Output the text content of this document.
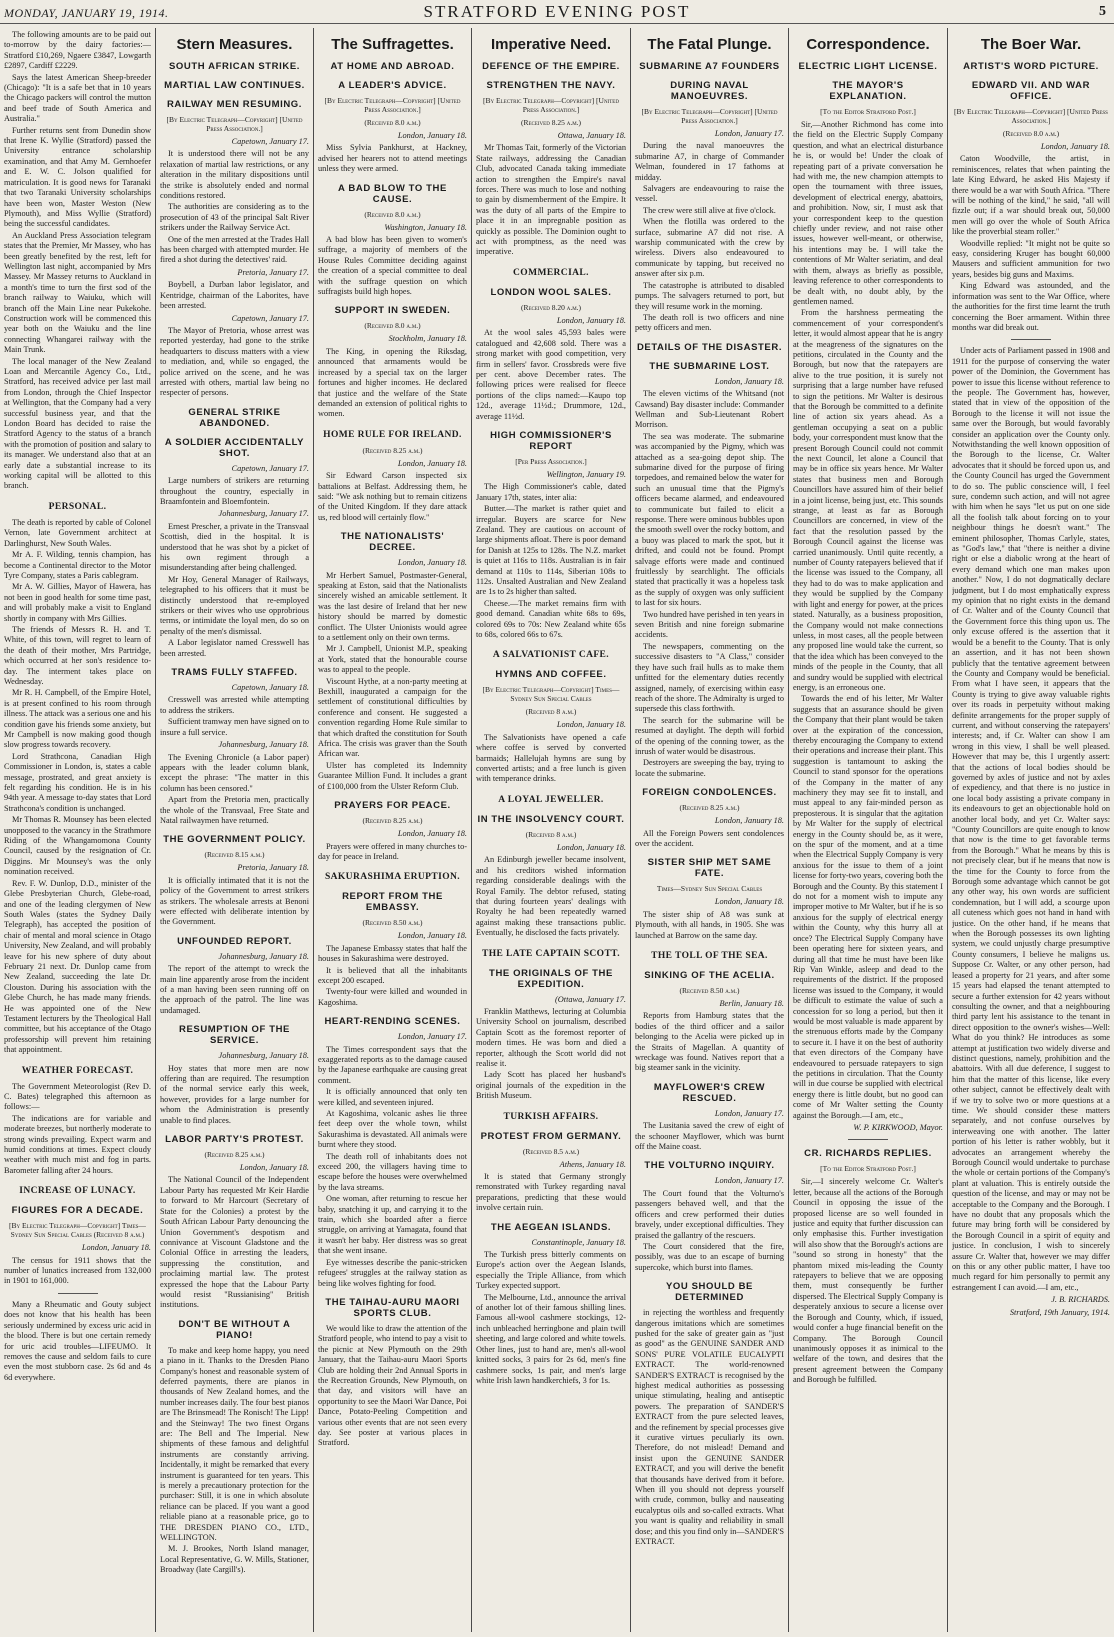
MONDAY, JANUARY 19, 1914.	STRATFORD EVENING POST	5

The following amounts are to be paid out to-morrow by the dairy factories:—Stratford £10,269, Ngaere £3847, Lowgarth £2897, Cardiff £2229.

Says the latest American Sheep-breeder (Chicago): "It is a safe bet that in 10 years the Chicago packers will control the mutton and beef trade of South America and Australia."

Further returns sent from Dunedin show that Irene K. Wyllie (Stratford) passed the University entrance scholarship examination, and that Amy M. Gernhoefer and E. W. C. Jolson qualified for matriculation. It is good news for Taranaki that two Taranaki University scholarships have been won, Master Weston (New Plymouth), and Miss Wyllie (Stratford) being the successful candidates.

An Auckland Press Association telegram states that the Premier, Mr Massey, who has been greatly benefited by the rest, left for Wellington last night, accompanied by Mrs Massey. Mr Massey returns to Auckland in a month's time to turn the first sod of the branch railway to Waiuku, which will branch off the Main Line near Pukekohe. Construction work will be commenced this year both on the Waiuku and the line connecting Whangarei railway with the Main Trunk.

The local manager of the New Zealand Loan and Mercantile Agency Co., Ltd., Stratford, has received advice per last mail from London, through the Chief Inspector at Wellington, that the Company had a very successful business year, and that the London Board has decided to raise the Stratford Agency to the status of a branch with the promotion of position and salary to its manager. We understand also that at an early date a substantial increase to its working capital will be allotted to this branch.

PERSONAL.

The death is reported by cable of Colonel Vernon, late Government architect at Darlinghurst, New South Wales.

Mr A. F. Wilding, tennis champion, has become a Continental director to the Motor Tyre Company, states a Paris cablegram.

Mr A. W. Gillies, Mayor of Hawera, has not been in good health for some time past, and will probably make a visit to England shortly in company with Mrs Gillies.

The friends of Messrs R. H. and T. White, of this town, will regret to learn of the death of their mother, Mrs Partridge, which occurred at her son's residence to-day. The interment takes place on Wednesday.

Mr R. H. Campbell, of the Empire Hotel, is at present confined to his room through illness. The attack was a serious one and his condition gave his friends some anxiety, but Mr Campbell is now making good though slow progress towards recovery.

Lord Strathcona, Canadian High Commissioner in London, is, states a cable message, prostrated, and great anxiety is felt regarding his condition. He is in his 94th year. A message to-day states that Lord Strathcona's condition is unchanged.

Mr Thomas R. Mounsey has been elected unopposed to the vacancy in the Strathmore Riding of the Whangamomona County Council, caused by the resignation of Cr. Diggins. Mr Mounsey's was the only nomination received.

Rev. F. W. Dunlop, D.D., minister of the Glebe Presbyterian Church, Glebe-road, and one of the leading clergymen of New South Wales (states the Sydney Daily Telegraph), has accepted the position of chair of mental and moral science in Otago University, New Zealand, and will probably leave for his new sphere of duty about February 21 next. Dr. Dunlop came from New Zealand, succeeding the late Dr. Clouston. During his association with the Glebe Church, he has made many friends. He was appointed one of the New Testament lecturers by the Theological Hall committee, but his acceptance of the Otago professorship will prevent him retaining that appointment.

WEATHER FORECAST.

The Government Meteorologist (Rev D. C. Bates) telegraphed this afternoon as follows:—

The indications are for variable and moderate breezes, but northerly moderate to strong winds prevailing. Expect warm and humid conditions at times. Expect cloudy weather with much mist and fog in parts. Barometer falling after 24 hours.

INCREASE OF LUNACY.
FIGURES FOR A DECADE.
[By Electric Telegraph—Copyright] Times—Sydney Sun Special Cables (Received 8 a.m.)
London, January 18.

The census for 1911 shows that the number of lunatics increased from 132,000 in 1901 to 161,000.

Many a Rheumatic and Gouty subject does not know that his health has been seriously undermined by excess uric acid in the blood. There is but one certain remedy for uric acid troubles—LIFEUMO. It removes the cause and seldom fails to cure even the most stubborn case. 2s 6d and 4s 6d everywhere.

Stern Measures.
SOUTH AFRICAN STRIKE.
MARTIAL LAW CONTINUES.
RAILWAY MEN RESUMING.
[By Electric Telegraph—Copyright] [United Press Association.]
Capetown, January 17.

It is understood there will not be any relaxation of martial law restrictions, or any alteration in the military dispositions until the strike is absolutely ended and normal conditions restored.

The authorities are considering as to the prosecution of 43 of the principal Salt River strikers under the Railway Service Act.

One of the men arrested at the Trades Hall has been charged with attempted murder. He fired a shot during the detectives' raid.

Pretoria, January 17.

Boybell, a Durban labor legislator, and Kentridge, chairman of the Laborites, have been arrested.

Capetown, January 17.

The Mayor of Pretoria, whose arrest was reported yesterday, had gone to the strike headquarters to discuss matters with a view to mediation, and, while so engaged, the police arrived on the scene, and he was arrested with others, martial law being no respecter of persons.

GENERAL STRIKE ABANDONED.
A SOLDIER ACCIDENTALLY SHOT.
Capetown, January 17.

Large numbers of strikers are returning throughout the country, especially in Braamfontein and Bloemfontein.

Johannesburg, January 17.

Ernest Prescher, a private in the Transvaal Scottish, died in the hospital. It is understood that he was shot by a picket of his own regiment through a misunderstanding after being challenged.

Mr Hoy, General Manager of Railways, telegraphed to his officers that it must be distinctly understood that re-employed strikers or their wives who use opprobrious terms, or intimidate the loyal men, do so on penalty of the men's dismissal.

A Labor legislator named Cresswell has been arrested.

TRAMS FULLY STAFFED.
Capetown, January 18.

Cresswell was arrested while attempting to address the strikers.

Sufficient tramway men have signed on to insure a full service.

Johannesburg, January 18.

The Evening Chronicle (a Labor paper) appears with the leader column blank, except the phrase: "The matter in this column has been censored."

Apart from the Pretoria men, practically the whole of the Transvaal, Free State and Natal railwaymen have returned.

THE GOVERNMENT POLICY.
(Received 8.15 a.m.)
Pretoria, January 18.

It is officially intimated that it is not the policy of the Government to arrest strikers as strikers. The wholesale arrests at Benoni were effected with deliberate intention by the Government.

UNFOUNDED REPORT.
Johannesburg, January 18.

The report of the attempt to wreck the main line apparently arose from the incident of a man having been seen running off on the approach of the patrol. The line was undamaged.

RESUMPTION OF THE SERVICE.
Johannesburg, January 18.

Hoy states that more men are now offering than are required. The resumption of the normal service early this week, however, provides for a large number for whom the Administration is presently unable to find places.

LABOR PARTY'S PROTEST.
(Received 8.25 a.m.)
London, January 18.

The National Council of the Independent Labour Party has requested Mr Keir Hardie to forward to Mr Harcourt (Secretary of State for the Colonies) a protest by the South African Labour Party denouncing the Union Government's despotism and connivance at Viscount Gladstone and the Colonial Office in arresting the leaders, suppressing the constitution, and proclaiming martial law. The protest expressed the hope that the Labour Party would resist "Russianising" British institutions.

DON'T BE WITHOUT A PIANO!

To make and keep home happy, you need a piano in it. Thanks to the Dresden Piano Company's honest and reasonable system of deferred payments, there are pianos in thousands of New Zealand homes, and the number increases daily. The four best pianos are The Brinsmead! The Ronisch! The Lipp! and the Steinway! The two finest Organs are: The Bell and The Imperial. New shipments of these famous and delightful instruments are constantly arriving. Incidentally, it might be remarked that every instrument is guaranteed for ten years. This is merely a precautionary protection for the purchaser: Still, it is one in which absolute reliance can be placed. If you want a good reliable piano at a reasonable price, go to THE DRESDEN PIANO CO., LTD., WELLINGTON.

M. J. Brookes, North Island manager, Local Representative, G. W. Mills, Stationer, Broadway (late Cargill's).

The Suffragettes.
AT HOME AND ABROAD.
A LEADER'S ADVICE.
[By Electric Telegraph—Copyright] [United Press Association.]
(Received 8.0 a.m.)
London, January 18.

Miss Sylvia Pankhurst, at Hackney, advised her hearers not to attend meetings unless they were armed.

A BAD BLOW TO THE CAUSE.
(Received 8.0 a.m.)
Washington, January 18.

A bad blow has been given to women's suffrage, a majority of members of the House Rules Committee deciding against the creation of a special committee to deal with the suffrage question on which suffragists build high hopes.

SUPPORT IN SWEDEN.
(Received 8.0 a.m.)
Stockholm, January 18.

The King, in opening the Riksdag, announced that armaments would be increased by a special tax on the larger fortunes and higher incomes. He declared that justice and the welfare of the State demanded an extension of political rights to women.

HOME RULE FOR IRELAND.
(Received 8.25 a.m.)
London, January 18.

Sir Edward Carson inspected six battalions at Belfast. Addressing them, he said: "We ask nothing but to remain citizens of the United Kingdom. If they dare attack us, red blood will certainly flow."

THE NATIONALISTS' DECREE.
London, January 18.

Mr Herbert Samuel, Postmaster-General, speaking at Eston, said that the Nationalists sincerely wished an amicable settlement. It was the last desire of Ireland that her new history should be marred by domestic conflict. The Ulster Unionists would agree to a settlement only on their own terms.

Mr J. Campbell, Unionist M.P., speaking at York, stated that the honourable course was to appeal to the people.

Viscount Hythe, at a non-party meeting at Bexhill, inaugurated a campaign for the settlement of constitutional difficulties by conference and consent. He suggested a convention regarding Home Rule similar to that which drafted the constitution for South Africa. The crisis was graver than the South African war.

Ulster has completed its Indemnity Guarantee Million Fund. It includes a grant of £100,000 from the Ulster Reform Club.

PRAYERS FOR PEACE.
(Received 8.25 a.m.)
London, January 18.

Prayers were offered in many churches to-day for peace in Ireland.

SAKURASHIMA ERUPTION.
REPORT FROM THE EMBASSY.
(Received 8.50 a.m.)
London, January 18.

The Japanese Embassy states that half the houses in Sakurashima were destroyed.

It is believed that all the inhabitants except 200 escaped.

Twenty-four were killed and wounded in Kagoshima.

HEART-RENDING SCENES.
London, January 17.

The Times correspondent says that the exaggerated reports as to the damage caused by the Japanese earthquake are causing great comment.

It is officially announced that only ten were killed, and seventeen injured.

At Kagoshima, volcanic ashes lie three feet deep over the whole town, whilst Sakurashima is devastated. All animals were burnt where they stood.

The death roll of inhabitants does not exceed 200, the villagers having time to escape before the houses were overwhelmed by the lava streams.

One woman, after returning to rescue her baby, snatching it up, and carrying it to the train, which she boarded after a fierce struggle, on arriving at Yamagata, found that it wasn't her baby. Her distress was so great that she went insane.

Eye witnesses describe the panic-stricken refugees' struggles at the railway station as being like wolves fighting for food.

THE TAIHAU-AURU MAORI SPORTS CLUB.

We would like to draw the attention of the Stratford people, who intend to pay a visit to the picnic at New Plymouth on the 29th January, that the Taihau-auru Maori Sports Club are holding their 2nd Annual Sports in the Recreation Grounds, New Plymouth, on that day, and visitors will have an opportunity to see the Maori War Dance, Poi Dance, Potato-Peeling Competition and various other events that are not seen every day. See poster at various places in Stratford.

Imperative Need.
DEFENCE OF THE EMPIRE.
STRENGTHEN THE NAVY.
[By Electric Telegraph—Copyright] [United Press Association.]
(Received 8.25 a.m.)
Ottawa, January 18.

Mr Thomas Tait, formerly of the Victorian State railways, addressing the Canadian Club, advocated Canada taking immediate action to strengthen the Empire's naval forces. There was much to lose and nothing to gain by dismemberment of the Empire. It was the duty of all parts of the Empire to place it in an impregnable position as quickly as possible. The Dominion ought to act with promptness, as the need was imperative.

COMMERCIAL.
LONDON WOOL SALES.
(Received 8.20 a.m.)
London, January 18.

At the wool sales 45,593 bales were catalogued and 42,608 sold. There was a strong market with good competition, very firm in sellers' favor. Crossbreds were five per cent. above December rates. The following prices were realised for fleece portions of the clips named:—Kaupo top 12d., average 11½d.; Drummore, 12d., average 11½d.

HIGH COMMISSIONER'S REPORT
[Per Press Association.]
Wellington, January 19.

The High Commissioner's cable, dated January 17th, states, inter alia:

Butter.—The market is rather quiet and irregular. Buyers are scarce for New Zealand. They are cautious on account of large shipments afloat. There is poor demand for Danish at 125s to 128s. The N.Z. market is quiet at 116s to 118s. Australian is in fair demand at 110s to 114s, Siberian 108s to 112s. Unsalted Australian and New Zealand are 1s to 2s higher than salted.

Cheese.—The market remains firm with good demand. Canadian white 68s to 69s, colored 69s to 70s: New Zealand white 65s to 68s, colored 66s to 67s.

A SALVATIONIST CAFE.
HYMNS AND COFFEE.
[By Electric Telegraph—Copyright] Times—Sydney Sun Special Cables
(Received 8 a.m.)
London, January 18.

The Salvationists have opened a cafe where coffee is served by converted barmaids; Hallelujah hymns are sung by converted artists; and a free lunch is given with temperance drinks.

A LOYAL JEWELLER.
IN THE INSOLVENCY COURT.
(Received 8 a.m.)
London, January 18.

An Edinburgh jeweller became insolvent, and his creditors wished information regarding considerable dealings with the Royal Family. The debtor refused, stating that during fourteen years' dealings with Royalty he had been repeatedly warned against making these transactions public. Eventually, he disclosed the facts privately.

THE LATE CAPTAIN SCOTT.
THE ORIGINALS OF THE EXPEDITION.
(Ottawa, January 17.

Franklin Matthews, lecturing at Columbia University School on journalism, described Captain Scott as the foremost reporter of modern times. He was born and died a reporter, although the Scott world did not realise it.

Lady Scott has placed her husband's original journals of the expedition in the British Museum.

TURKISH AFFAIRS.
PROTEST FROM GERMANY.
(Received 8.5 a.m.)
Athens, January 18.

It is stated that Germany strongly remonstrated with Turkey regarding naval preparations, predicting that these would involve certain ruin.

THE AEGEAN ISLANDS.
Constantinople, January 18.

The Turkish press bitterly comments on Europe's action over the Aegean Islands, especially the Triple Alliance, from which Turkey expected support.

The Melbourne, Ltd., announce the arrival of another lot of their famous shilling lines. Famous all-wool cashmere stockings, 12-inch unbleached herringbone and plain twill sheeting, and large colored and white towels. Other lines, just to hand are, men's all-wool knitted socks, 3 pairs for 2s 6d, men's fine cashmere socks, 1s pair, and men's large white Irish lawn handkerchiefs, 3 for 1s.

The Fatal Plunge.
SUBMARINE A7 FOUNDERS
DURING NAVAL MANOEUVRES.
[By Electric Telegraph—Copyright] [United Press Association.]
London, January 17.

During the naval manoeuvres the submarine A7, in charge of Commander Welman, foundered in 17 fathoms at midday.

Salvagers are endeavouring to raise the vessel.

The crew were still alive at five o'clock.

When the flotilla was ordered to the surface, submarine A7 did not rise. A warship communicated with the crew by wireless. Divers also endeavoured to communicate by tapping, but received no answer after six p.m.

The catastrophe is attributed to disabled pumps. The salvagers returned to port, but they will resume work in the morning.

The death roll is two officers and nine petty officers and men.

DETAILS OF THE DISASTER.
THE SUBMARINE LOST.
London, January 18.

The eleven victims of the Whitsand (not Cawsand) Bay disaster include: Commander Wellman and Sub-Lieutenant Robert Morrison.

The sea was moderate. The submarine was accompanied by the Pigmy, which was attached as a sea-going depot ship. The submarine dived for the purpose of firing torpedoes, and remained below the water for such an unusual time that the Pigmy's officers became alarmed, and endeavoured to communicate but failed to elicit a response. There were ominous bubbles upon the smooth swell over the rocky bottom, and a buoy was placed to mark the spot, but it drifted, and could not be found. Prompt salvage efforts were made and continued fruitlessly by searchlight. The officials stated that practically it was a hopeless task as the supply of oxygen was only sufficient to last for six hours.

Two hundred have perished in ten years in seven British and nine foreign submarine accidents.

The newspapers, commenting on the successive disasters to "A Class," consider they have such frail hulls as to make them unfitted for the elementary duties recently assigned, namely, of exercising within easy reach of the shore. The Admiralty is urged to supersede this class forthwith.

The search for the submarine will be resumed at daylight. The depth will forbid of the opening of the conning tower, as the inrush of water would be disastrous.

Destroyers are sweeping the bay, trying to locate the submarine.

FOREIGN CONDOLENCES.
(Received 8.25 a.m.)
London, January 18.

All the Foreign Powers sent condolences over the accident.

SISTER SHIP MET SAME FATE.
Times—Sydney Sun Special Cables
London, January 18.

The sister ship of A8 was sunk at Plymouth, with all hands, in 1905. She was launched at Barrow on the same day.

THE TOLL OF THE SEA.
SINKING OF THE ACELIA.
(Received 8.50 a.m.)
Berlin, January 18.

Reports from Hamburg states that the bodies of the third officer and a sailor belonging to the Acelia were picked up in the Straits of Magellan. A quantity of wreckage was found. Natives report that a big steamer sank in the vicinity.

MAYFLOWER'S CREW RESCUED.
London, January 17.

The Lusitania saved the crew of eight of the schooner Mayflower, which was burnt off the Maine coast.

THE VOLTURNO INQUIRY.
London, January 17.

The Court found that the Volturno's passengers behaved well, and that the officers and crew performed their duties bravely, under exceptional difficulties. They praised the gallantry of the rescuers.

The Court considered that the fire, possibly, was due to an escape of burning supercoke, which burst into flames.

YOU SHOULD BE DETERMINED

in rejecting the worthless and frequently dangerous imitations which are sometimes pushed for the sake of greater gain as "just as good" as the GENUINE SANDER AND SONS' PURE VOLATILE EUCALYPTI EXTRACT. The world-renowned SANDER'S EXTRACT is recognised by the highest medical authorities as possessing unique stimulating, healing and antiseptic powers. The preparation of SANDER'S EXTRACT from the pure selected leaves, and the refinement by special processes give it curative virtues peculiarly its own. Therefore, do not mislead! Demand and insist upon the GENUINE SANDER EXTRACT, and you will derive the benefit that thousands have derived from it before. When ill you should not depress yourself with crude, common, bulky and nauseating eucalyptus oils and so-called extracts. What you want is quality and reliability in small dose; and this you find only in—SANDER'S EXTRACT.

Correspondence.
ELECTRIC LIGHT LICENSE.
THE MAYOR'S EXPLANATION.
[To the Editor Stratford Post.]

Sir,—Another Richmond has come into the field on the Electric Supply Company question, and what an electrical disturbance he is, or would be! Under the cloak of repeating part of a private conversation he had with me, the new champion attempts to open the tournament with three issues, development of electrical energy, abattoirs, and prohibition. Now, sir, I must ask that your correspondent keep to the question chiefly under review, and not raise other issues, however well-meant, or otherwise, his intentions may be. I will take the contentions of Mr Walter seriatim, and deal with them, always as briefly as possible, leaving reference to other correspondents to be dealt with, no doubt ably, by the gentlemen named.

From the harshness permeating the commencement of your correspondent's letter, it would almost appear that he is angry at the meagreness of the signatures on the petitions, circulated in the County and the Borough, but now that the ratepayers are alive to the true position, it is surely not surprising that a large number have refused to sign the petitions. Mr Walter is desirous that the Borough be committed to a definite line of action six years ahead. As a gentleman occupying a seat on a public body, your correspondent must know that the present Borough Council could not commit the next Council, let alone a Council that may be in office six years hence. Mr Walter states that business men and Borough Councillors have assured him of their belief in a joint license, being just, etc. This sounds strange, at least as far as Borough Councillors are concerned, in view of the fact that the resolution passed by the Borough Council against the license was carried unanimously. Until quite recently, a number of County ratepayers believed that if the license was issued to the Company, all they had to do was to make application and they would be supplied by the Company with light and energy for power, at the prices stated. Naturally, as a business proposition, the Company would not make connections unless, in most cases, all the people between any proposed line would take the current, so that the idea which has been conveyed to the minds of the people in the County, that all and sundry would be supplied with electrical energy, is an erroneous one.

Towards the end of his letter, Mr Walter suggests that an assurance should be given the Company that their plant would be taken over at the expiration of the concession, thereby encouraging the Company to extend their operations and increase their plant. This suggestion is tantamount to asking the Council to stand sponsor for the operations of the Company in the matter of any machinery they may see fit to install, and must appeal to any fair-minded person as preposterous. It is singular that the agitation by Mr Walter for the supply of electrical energy in the County should be, as it were, on the spur of the moment, and at a time when the Electrical Supply Company is very anxious for the issue to them of a joint license for forty-two years, covering both the Borough and the County. By this statement I do not for a moment wish to impute any improper motive to Mr Walter, but if he is so anxious for the supply of electrical energy within the County, why this hurry all at once? The Electrical Supply Company have been operating here for sixteen years, and during all that time he must have been like Rip Van Winkle, asleep and dead to the requirements of the district. If the proposed license was issued to the Company, it would be difficult to estimate the value of such a concession for so long a period, but then it would be most valuable is made apparent by the strenuous efforts made by the Company to secure it. I have it on the best of authority that even directors of the Company have endeavoured to persuade ratepayers to sign the petitions in circulation. That the County will in due course be supplied with electrical energy there is little doubt, but no good can come of Mr Walter setting the County against the Borough.—I am, etc.,

W. P. KIRKWOOD, Mayor.
CR. RICHARDS REPLIES.
[To the Editor Stratford Post.]

Sir,—I sincerely welcome Cr. Walter's letter, because all the actions of the Borough Council in opposing the issue of the proposed license are so well founded in justice and equity that further discussion can only emphasise this. Further investigation will also show that the Borough's actions are "sound so strong in honesty" that the phantom mixed mis-leading the County ratepayers to believe that we are opposing them, must consequently be further dispersed. The Electrical Supply Company is desperately anxious to secure a license over the Borough and County, which, if issued, would confer a huge financial benefit on the Company. The Borough Council unanimously opposes it as inimical to the welfare of the town, and desires that the present agreement between the Company and Borough be fulfilled.

The Boer War.
ARTIST'S WORD PICTURE.
EDWARD VII. AND WAR OFFICE.
[By Electric Telegraph—Copyright] [United Press Association.]
(Received 8.0 a.m.)
London, January 18.

Caton Woodville, the artist, in reminiscences, relates that when painting the late King Edward, he asked His Majesty if there would be a war with South Africa. "There will be nothing of the kind," he said, "all will fizzle out; if a war should break out, 50,000 men will go over the whole of South Africa like the proverbial steam roller."

Woodville replied: "It might not be quite so easy, considering Kruger has bought 60,000 Mausers and sufficient ammunition for two years, besides big guns and Maxims.

King Edward was astounded, and the information was sent to the War Office, where the authorities for the first time learnt the truth concerning the Boer armament. Within three months war did break out.

Under acts of Parliament passed in 1908 and 1911 for the purpose of conserving the water power of the Dominion, the Government has power to issue this license without reference to the people. The Government has, however, stated that in view of the opposition of the Borough to the license it will not issue the same over the Borough, but would favorably consider an application over the County only. Notwithstanding the well known opposition of the Borough to the license, Cr. Walter advocates that it should be forced upon us, and the County Council has urged the Government to do so. The public conscience will, I feel sure, condemn such action, and will not agree with him when he says "let us put on one side all the foolish talk about forcing on to your neighbour things he doesn't want." The eminent philosopher, Thomas Carlyle, states, as "God's law," that "there is neither a divine right or else a diabolic wrong at the heart of every demand which one man makes upon another." Now, I do not dogmatically declare judgment, but I do most emphatically express my opinion that no right exists in the demand of Cr. Walter and of the County Council that the Government force this thing upon us. The only excuse offered is the assertion that it would be a benefit to the County. That is only an assertion, and it has not been shown publicly that the tentative agreement between the County and Company would be beneficial. From what I have seen, it appears that the County is trying to give away valuable rights over its roads in perpetuity without making definite arrangements for the proper supply of current, and without conserving the ratepayers' interests; and, if Cr. Walter can show I am wrong in this view, I shall be well pleased. However that may be, this I urgently assert: that the actions of local bodies should be governed by axles of justice and not by axles of expediency, and that there is no justice in one local body assisting a private company in its endeavours to get an objectionable hold on another local body, and yet Cr. Walter says: "County Councillors are quite enough to know that now is the time to get favorable terms from the Borough." What he means by this is not precisely clear, but if he means that now is the time for the County to force from the Borough some advantage which cannot be got any other way, his own words are sufficient condemnation, but I will add, a scourge upon all cuteness which goes not hand in hand with justice. On the other hand, if he means that when the Borough possesses its own lighting system, we could unjustly charge presumptive County consumers, I believe he maligns us. Suppose Cr. Walter, or any other person, had leased a property for 21 years, and after some 15 years had elapsed the tenant attempted to secure a further extension for 42 years without consulting the owner, and that a neighbouring third party lent his assistance to the tenant in direct opposition to the owner's wishes—Well: What do you think? He introduces as some attempt at justification two widely diverse and distinct questions, namely, prohibition and the abattoirs. With all due deference, I suggest to him that the matter of this license, like every other subject, cannot be effectively dealt with if we try to solve two or more questions at a time. We should consider these matters separately, and not confuse ourselves by interweaving one with another. The latter portion of his letter is rather wobbly, but it advocates an arrangement whereby the Borough Council would undertake to purchase the whole or certain portions of the Company's plant at valuation. This is entirely outside the question of the license, and may or may not be acceptable to the Company and the Borough. I have no doubt that any proposals which the future may bring forth will be considered by the Borough Council in a spirit of equity and justice. In conclusion, I wish to sincerely assure Cr. Walter that, however we may differ on this or any other public matter, I have too much regard for him personally to permit any estrangement I can avoid.—I am, etc.,

J. B. RICHARDS.
Stratford, 19th January, 1914.
